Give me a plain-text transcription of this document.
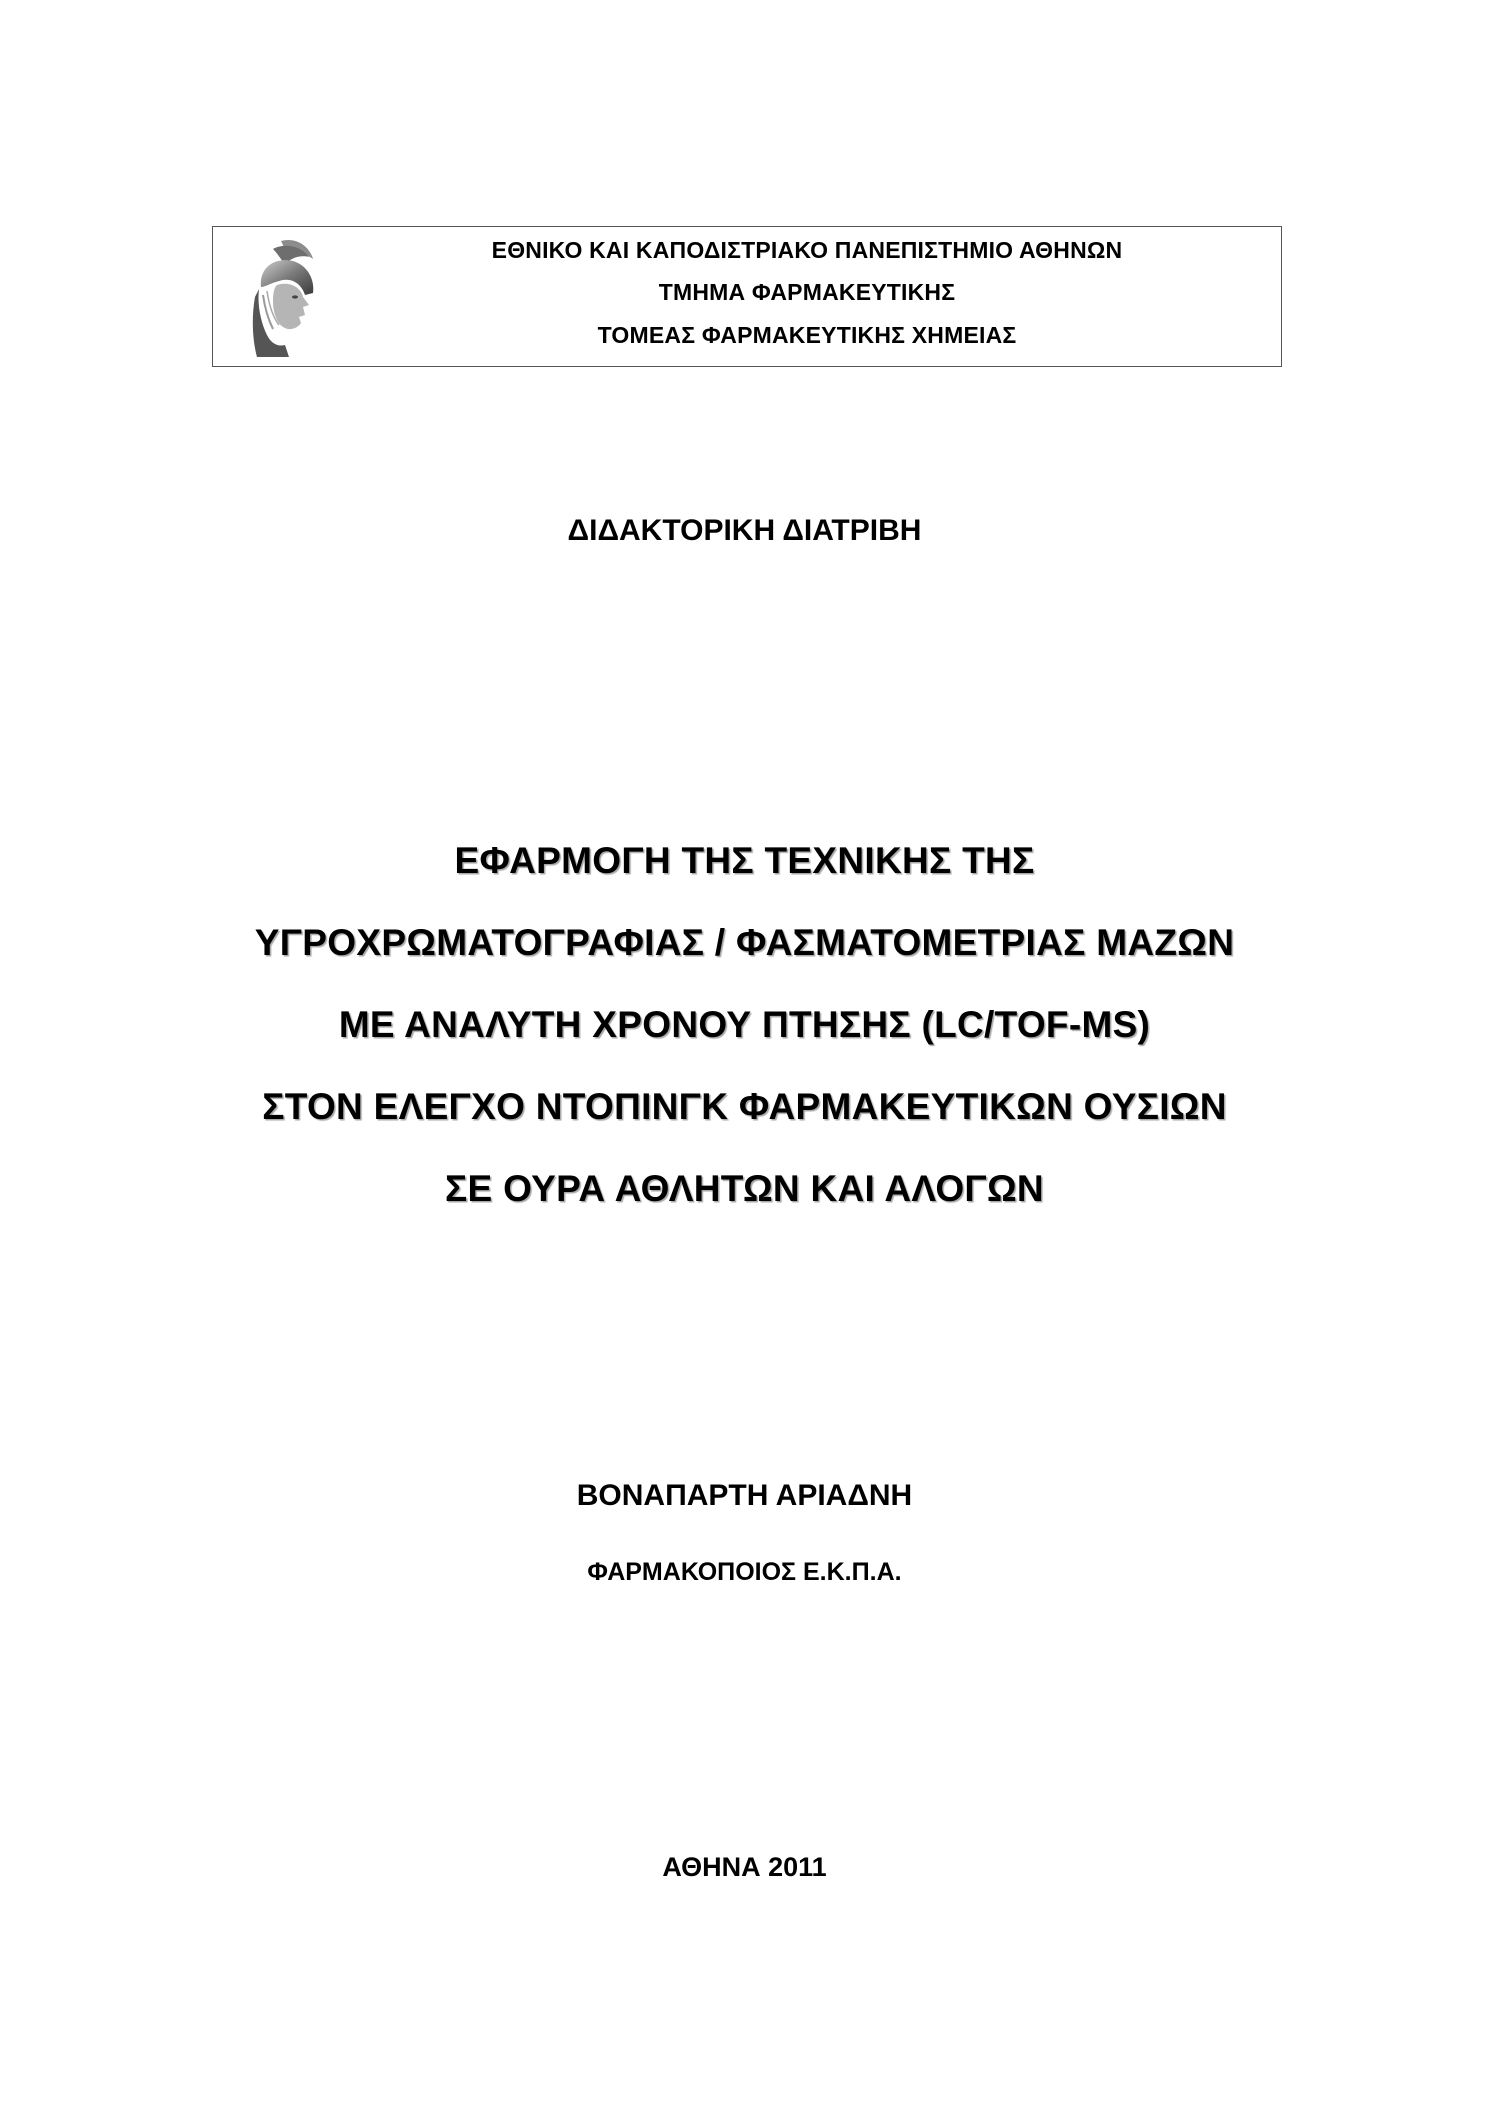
ΕΘΝΙΚΟ ΚΑΙ ΚΑΠΟΔΙΣΤΡΙΑΚΟ ΠΑΝΕΠΙΣΤΗΜΙΟ ΑΘΗΝΩΝ
ΤΜΗΜΑ ΦΑΡΜΑΚΕΥΤΙΚΗΣ
ΤΟΜΕΑΣ ΦΑΡΜΑΚΕΥΤΙΚΗΣ ΧΗΜΕΙΑΣ
ΔΙΔΑΚΤΟΡΙΚΗ ΔΙΑΤΡΙΒΗ
ΕΦΑΡΜΟΓΗ ΤΗΣ ΤΕΧΝΙΚΗΣ ΤΗΣ
ΥΓΡΟΧΡΩΜΑΤΟΓΡΑΦΙΑΣ / ΦΑΣΜΑΤΟΜΕΤΡΙΑΣ ΜΑΖΩΝ
ΜΕ ΑΝΑΛΥΤΗ ΧΡΟΝΟΥ ΠΤΗΣΗΣ (LC/TOF-MS)
ΣΤΟΝ ΕΛΕΓΧΟ ΝΤΟΠΙΝΓΚ ΦΑΡΜΑΚΕΥΤΙΚΩΝ ΟΥΣΙΩΝ
ΣΕ ΟΥΡΑ ΑΘΛΗΤΩΝ ΚΑΙ ΑΛΟΓΩΝ
ΒΟΝΑΠΑΡΤΗ ΑΡΙΑΔΝΗ
ΦΑΡΜΑΚΟΠΟΙΟΣ Ε.Κ.Π.Α.
ΑΘΗΝΑ 2011
